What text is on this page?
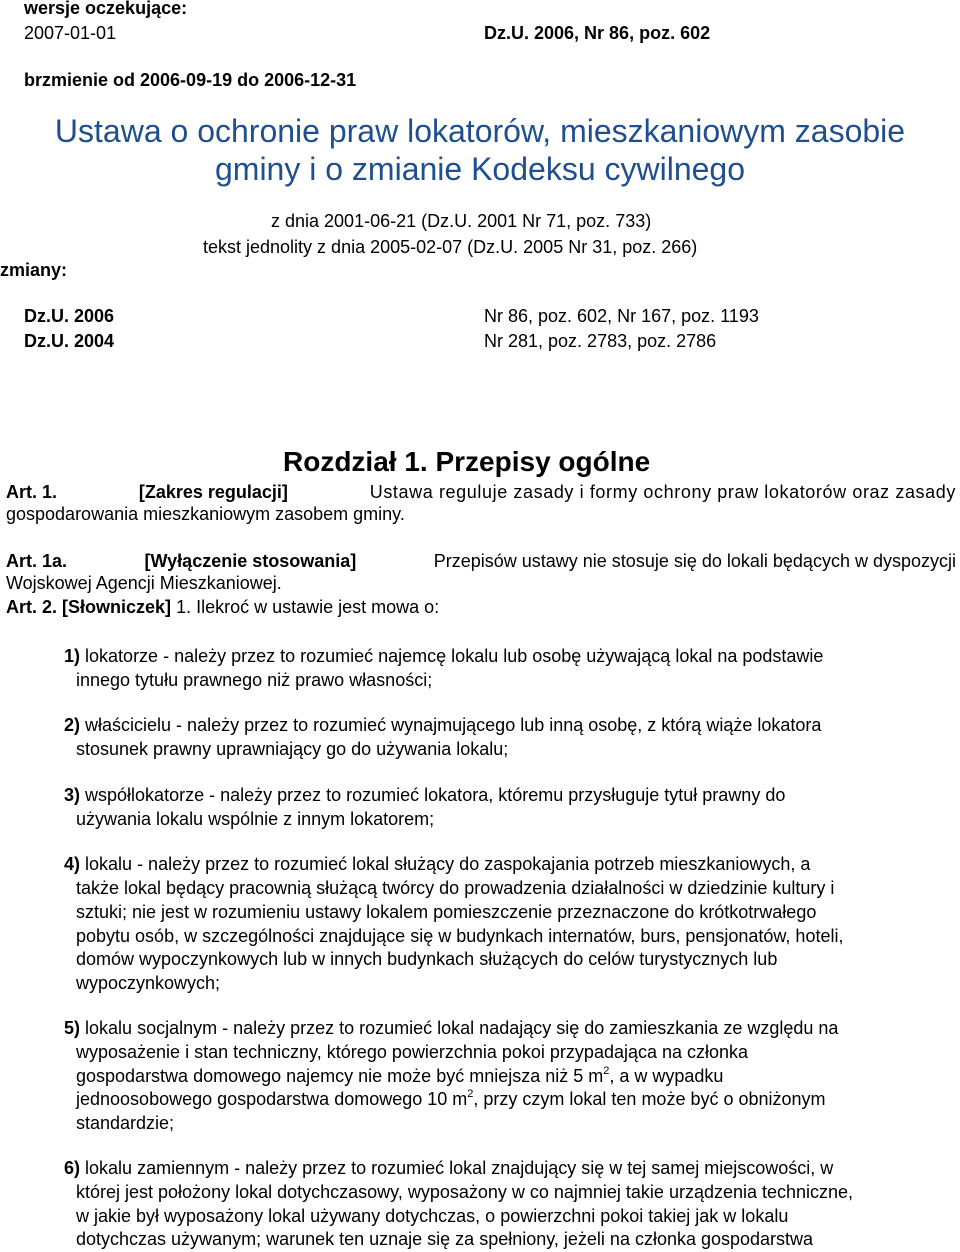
wersje oczekujące:
2007-01-01	Dz.U. 2006, Nr 86, poz. 602
brzmienie od 2006-09-19 do 2006-12-31
Ustawa o ochronie praw lokatorów, mieszkaniowym zasobie
gminy i o zmianie Kodeksu cywilnego
z dnia 2001-06-21 (Dz.U. 2001 Nr 71, poz. 733)
tekst jednolity z dnia 2005-02-07 (Dz.U. 2005 Nr 31, poz. 266)
zmiany:
Dz.U. 2006	Nr 86, poz. 602, Nr 167, poz. 1193
Dz.U. 2004	Nr 281, poz. 2783, poz. 2786
Rozdział 1. Przepisy ogólne
Art. 1.	[Zakres regulacji]	Ustawa reguluje zasady i formy ochrony praw lokatorów oraz zasady
gospodarowania mieszkaniowym zasobem gminy.
Art. 1a.	[Wyłączenie stosowania]	Przepisów ustawy nie stosuje się do lokali będących w dyspozycji
Wojskowej Agencji Mieszkaniowej.
Art. 2. [Słowniczek] 1. Ilekroć w ustawie jest mowa o:
1) lokatorze - należy przez to rozumieć najemcę lokalu lub osobę używającą lokal na podstawie
innego tytułu prawnego niż prawo własności;
2) właścicielu - należy przez to rozumieć wynajmującego lub inną osobę, z którą wiąże lokatora
stosunek prawny uprawniający go do używania lokalu;
3) współlokatorze - należy przez to rozumieć lokatora, któremu przysługuje tytuł prawny do
używania lokalu wspólnie z innym lokatorem;
4) lokalu - należy przez to rozumieć lokal służący do zaspokajania potrzeb mieszkaniowych, a
także lokal będący pracownią służącą twórcy do prowadzenia działalności w dziedzinie kultury i
sztuki; nie jest w rozumieniu ustawy lokalem pomieszczenie przeznaczone do krótkotrwałego
pobytu osób, w szczególności znajdujące się w budynkach internatów, burs, pensjonatów, hoteli,
domów wypoczynkowych lub w innych budynkach służących do celów turystycznych lub
wypoczynkowych;
5) lokalu socjalnym - należy przez to rozumieć lokal nadający się do zamieszkania ze względu na
wyposażenie i stan techniczny, którego powierzchnia pokoi przypadająca na członka
gospodarstwa domowego najemcy nie może być mniejsza niż 5 $m^2$, a w wypadku
jednoosobowego gospodarstwa domowego 10 $m^2$, przy czym lokal ten może być o obniżonym
standardzie;
6) lokalu zamiennym - należy przez to rozumieć lokal znajdujący się w tej samej miejscowości, w
której jest położony lokal dotychczasowy, wyposażony w co najmniej takie urządzenia techniczne,
w jakie był wyposażony lokal używany dotychczas, o powierzchni pokoi takiej jak w lokalu
dotychczas używanym; warunek ten uznaje się za spełniony, jeżeli na członka gospodarstwa
